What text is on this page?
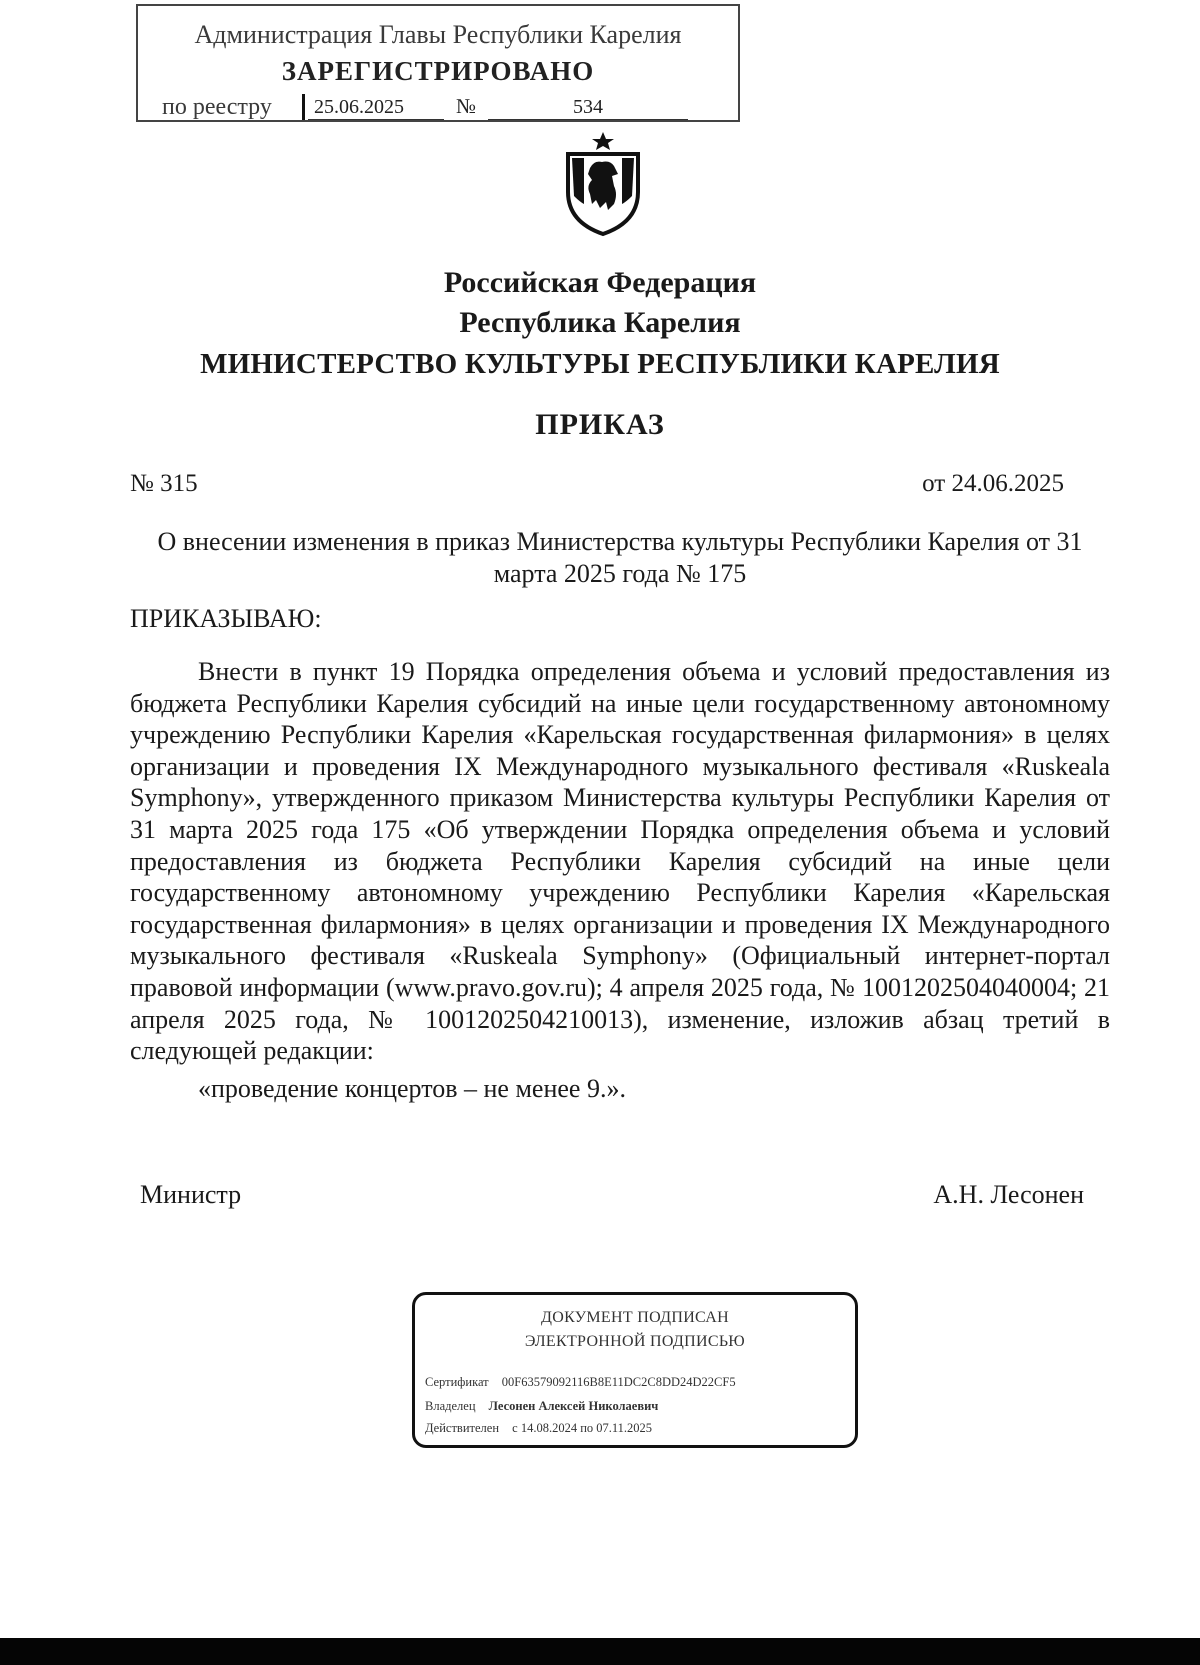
Администрация Главы Республики Карелия
ЗАРЕГИСТРИРОВАНО
по реестру	25.06.2025	№	534
Российская Федерация
Республика Карелия
МИНИСТЕРСТВО КУЛЬТУРЫ РЕСПУБЛИКИ КАРЕЛИЯ
ПРИКАЗ
№ 315	от 24.06.2025
О внесении изменения в приказ Министерства культуры Республики Карелия от 31 марта 2025 года № 175
ПРИКАЗЫВАЮ:
Внести в пункт 19 Порядка определения объема и условий предоставления из бюджета Республики Карелия субсидий на иные цели государственному автономному учреждению Республики Карелия «Карельская государственная филармония» в целях организации и проведения IX Международного музыкального фестиваля «Ruskeala Symphony», утвержденного приказом Министерства культуры Республики Карелия от 31 марта 2025 года 175 «Об утверждении Порядка определения объема и условий предоставления из бюджета Республики Карелия субсидий на иные цели государственному автономному учреждению Республики Карелия «Карельская государственная филармония» в целях организации и проведения IX Международного музыкального фестиваля «Ruskeala Symphony» (Официальный интернет-портал правовой информации (www.pravo.gov.ru); 4 апреля 2025 года, № 1001202504040004; 21 апреля 2025 года, № 1001202504210013), изменение, изложив абзац третий в следующей редакции:
«проведение концертов – не менее 9.».
Министр	А.Н. Лесонен
ДОКУМЕНТ ПОДПИСАН
ЭЛЕКТРОННОЙ ПОДПИСЬЮ
Сертификат 00F63579092116B8E11DC2C8DD24D22CF5
Владелец Лесонен Алексей Николаевич
Действителен с 14.08.2024 по 07.11.2025
